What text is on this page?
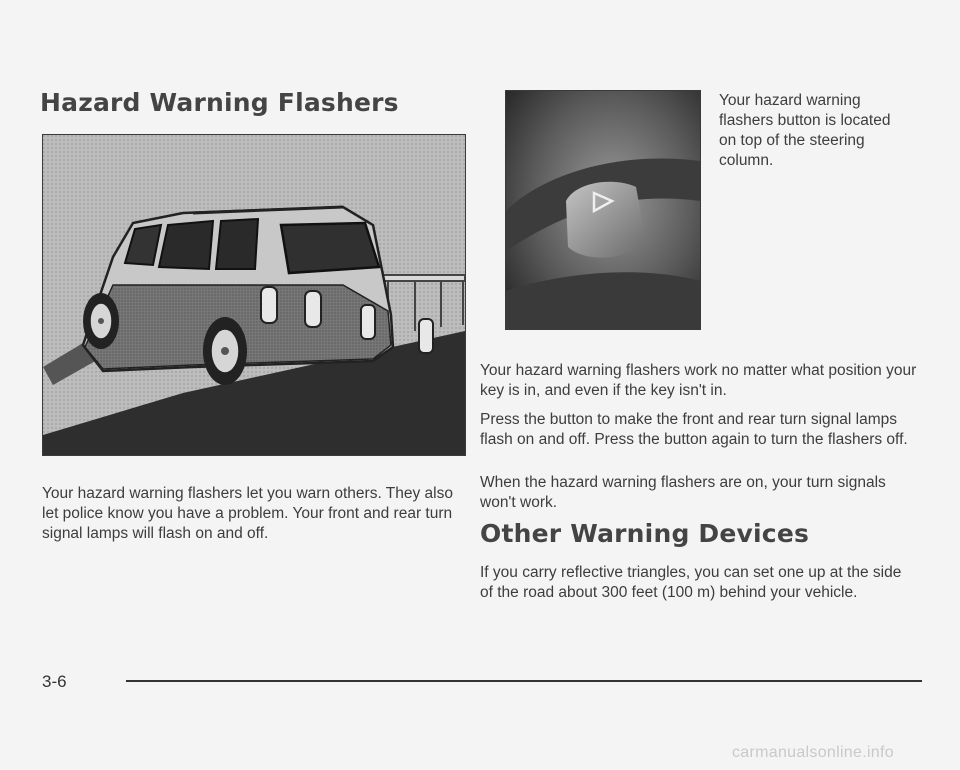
Hazard Warning Flashers

Your hazard warning flashers let you warn others. They also let police know you have a problem. Your front and rear turn signal lamps will flash on and off.

Your hazard warning flashers button is located on top of the steering column.

Your hazard warning flashers work no matter what position your key is in, and even if the key isn't in.

Press the button to make the front and rear turn signal lamps flash on and off. Press the button again to turn the flashers off.

When the hazard warning flashers are on, your turn signals won't work.

Other Warning Devices

If you carry reflective triangles, you can set one up at the side of the road about 300 feet (100 m) behind your vehicle.

3-6

carmanualsonline.info
